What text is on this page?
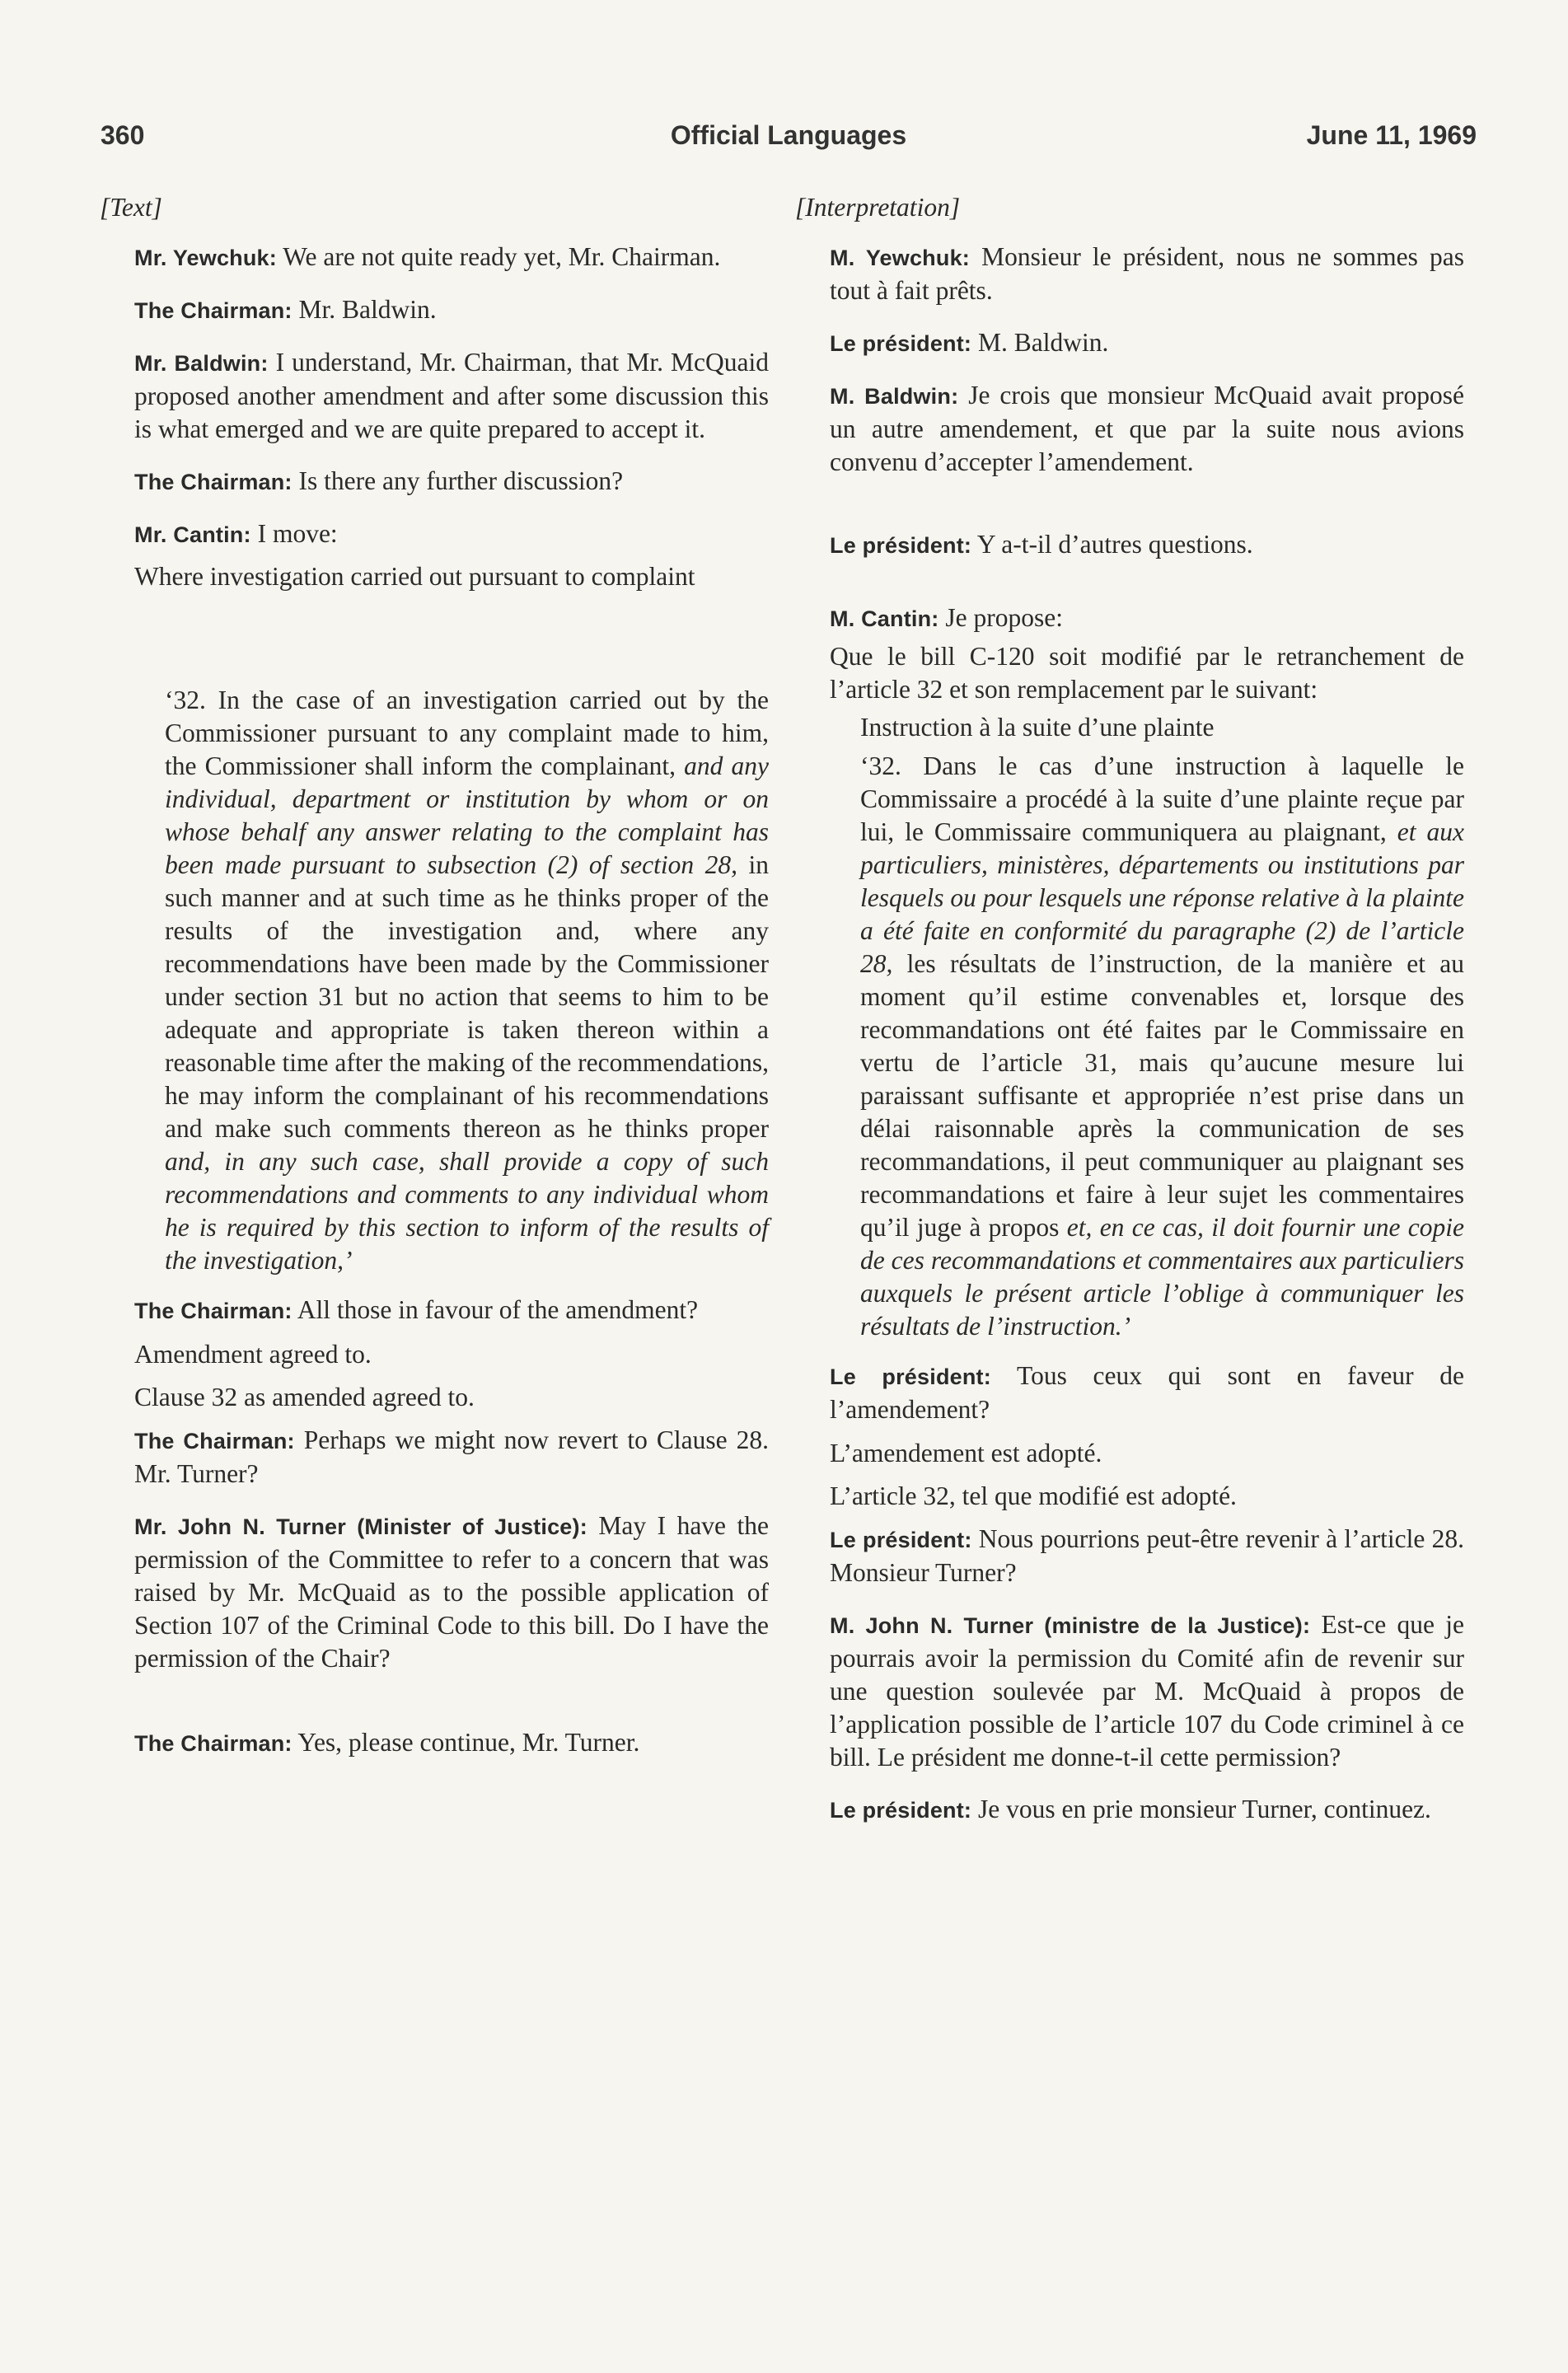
360	Official Languages	June 11, 1969

[Text]

Mr. Yewchuk: We are not quite ready yet, Mr. Chairman.

The Chairman: Mr. Baldwin.

Mr. Baldwin: I understand, Mr. Chairman, that Mr. McQuaid proposed another amendment and after some discussion this is what emerged and we are quite prepared to accept it.

The Chairman: Is there any further discussion?

Mr. Cantin: I move:

Where investigation carried out pursuant to complaint

‘32. In the case of an investigation carried out by the Commissioner pursuant to any complaint made to him, the Commissioner shall inform the complainant, and any individual, department or institution by whom or on whose behalf any answer relating to the complaint has been made pursuant to subsection (2) of section 28, in such manner and at such time as he thinks proper of the results of the investigation and, where any recommendations have been made by the Commissioner under section 31 but no action that seems to him to be adequate and appropriate is taken thereon within a reasonable time after the making of the recommendations, he may inform the complainant of his recommendations and make such comments thereon as he thinks proper and, in any such case, shall provide a copy of such recommendations and comments to any individual whom he is required by this section to inform of the results of the investigation,’

The Chairman: All those in favour of the amendment?

Amendment agreed to.

Clause 32 as amended agreed to.

The Chairman: Perhaps we might now revert to Clause 28. Mr. Turner?

Mr. John N. Turner (Minister of Justice): May I have the permission of the Committee to refer to a concern that was raised by Mr. McQuaid as to the possible application of Section 107 of the Criminal Code to this bill. Do I have the permission of the Chair?

The Chairman: Yes, please continue, Mr. Turner.

[Interpretation]

M. Yewchuk: Monsieur le président, nous ne sommes pas tout à fait prêts.

Le président: M. Baldwin.

M. Baldwin: Je crois que monsieur McQuaid avait proposé un autre amendement, et que par la suite nous avions convenu d’accepter l’amendement.

Le président: Y a-t-il d’autres questions.

M. Cantin: Je propose:

Que le bill C-120 soit modifié par le retranchement de l’article 32 et son remplacement par le suivant:

Instruction à la suite d’une plainte

‘32. Dans le cas d’une instruction à laquelle le Commissaire a procédé à la suite d’une plainte reçue par lui, le Commissaire communiquera au plaignant, et aux particuliers, ministères, départements ou institutions par lesquels ou pour lesquels une réponse relative à la plainte a été faite en conformité du paragraphe (2) de l’article 28, les résultats de l’instruction, de la manière et au moment qu’il estime convenables et, lorsque des recommandations ont été faites par le Commissaire en vertu de l’article 31, mais qu’aucune mesure lui paraissant suffisante et appropriée n’est prise dans un délai raisonnable après la communication de ses recommandations, il peut communiquer au plaignant ses recommandations et faire à leur sujet les commentaires qu’il juge à propos et, en ce cas, il doit fournir une copie de ces recommandations et commentaires aux particuliers auxquels le présent article l’oblige à communiquer les résultats de l’instruction.’

Le président: Tous ceux qui sont en faveur de l’amendement?

L’amendement est adopté.

L’article 32, tel que modifié est adopté.

Le président: Nous pourrions peut-être revenir à l’article 28. Monsieur Turner?

M. John N. Turner (ministre de la Justice): Est-ce que je pourrais avoir la permission du Comité afin de revenir sur une question soulevée par M. McQuaid à propos de l’application possible de l’article 107 du Code criminel à ce bill. Le président me donne-t-il cette permission?

Le président: Je vous en prie monsieur Turner, continuez.
